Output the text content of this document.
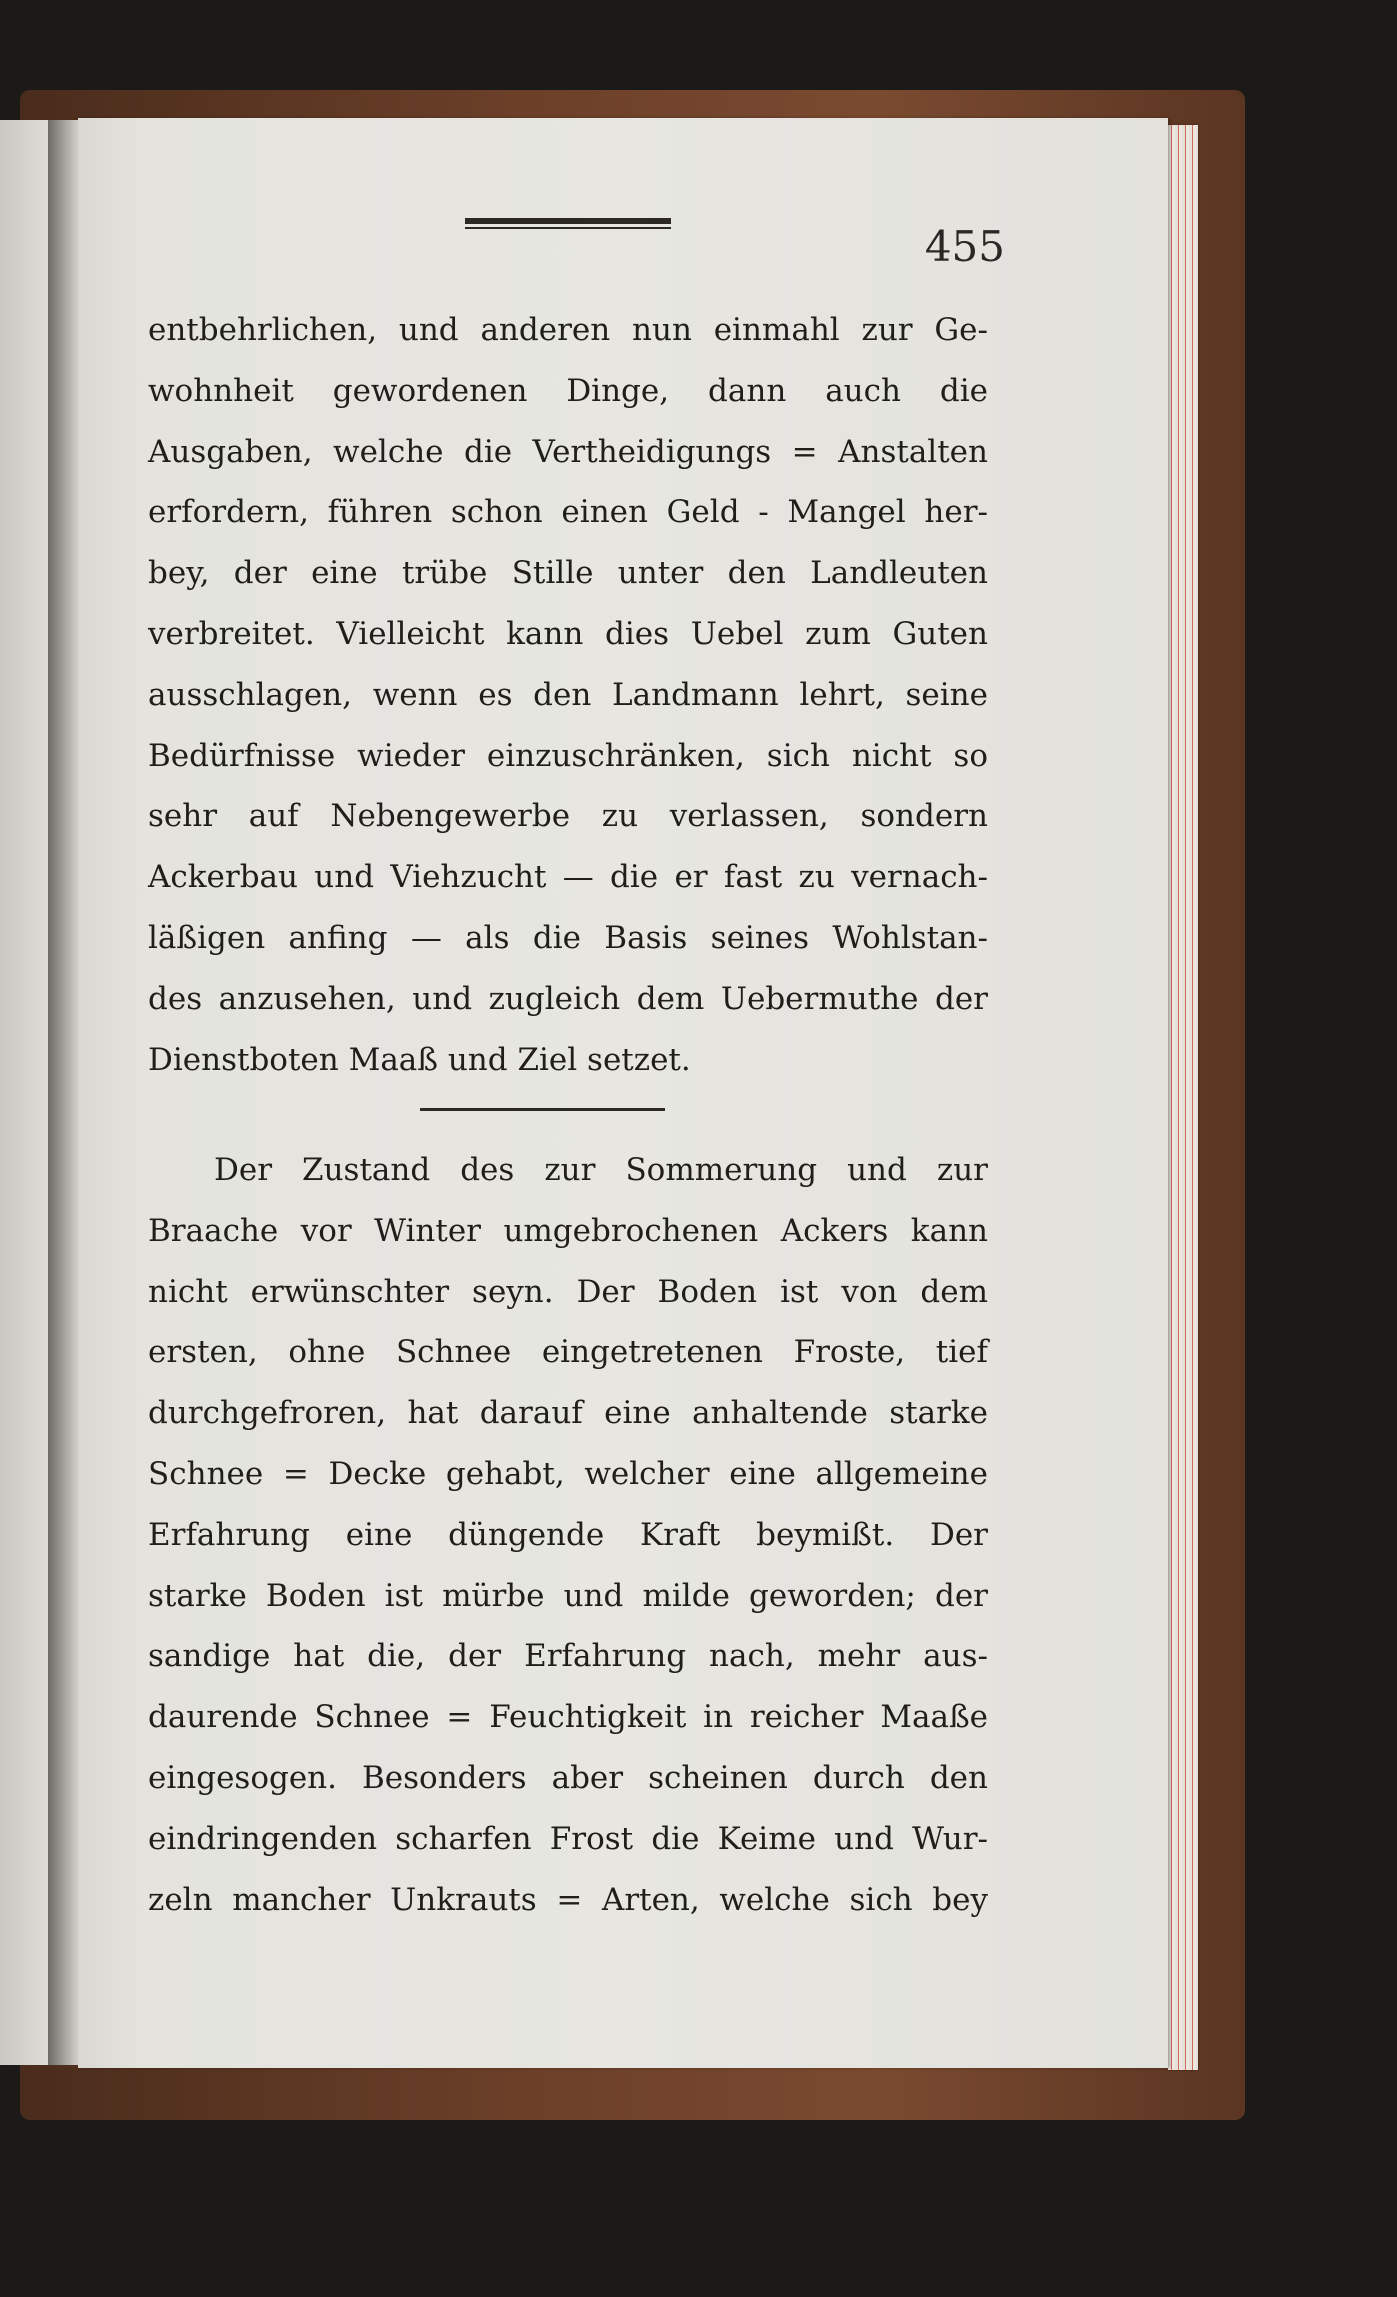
455
entbehrlichen, und anderen nun einmahl zur Ge-
wohnheit gewordenen Dinge, dann auch die
Ausgaben, welche die Vertheidigungs = Anstalten
erfordern, führen schon einen Geld - Mangel her-
bey, der eine trübe Stille unter den Landleuten
verbreitet. Vielleicht kann dies Uebel zum Guten
ausschlagen, wenn es den Landmann lehrt, seine
Bedürfnisse wieder einzuschränken, sich nicht so
sehr auf Nebengewerbe zu verlassen, sondern
Ackerbau und Viehzucht — die er fast zu vernach-
läßigen anfing — als die Basis seines Wohlstan-
des anzusehen, und zugleich dem Uebermuthe der
Dienstboten Maaß und Ziel setzet.
Der Zustand des zur Sommerung und zur
Braache vor Winter umgebrochenen Ackers kann
nicht erwünschter seyn. Der Boden ist von dem
ersten, ohne Schnee eingetretenen Froste, tief
durchgefroren, hat darauf eine anhaltende starke
Schnee = Decke gehabt, welcher eine allgemeine
Erfahrung eine düngende Kraft beymißt. Der
starke Boden ist mürbe und milde geworden; der
sandige hat die, der Erfahrung nach, mehr aus-
daurende Schnee = Feuchtigkeit in reicher Maaße
eingesogen. Besonders aber scheinen durch den
eindringenden scharfen Frost die Keime und Wur-
zeln mancher Unkrauts = Arten, welche sich bey
